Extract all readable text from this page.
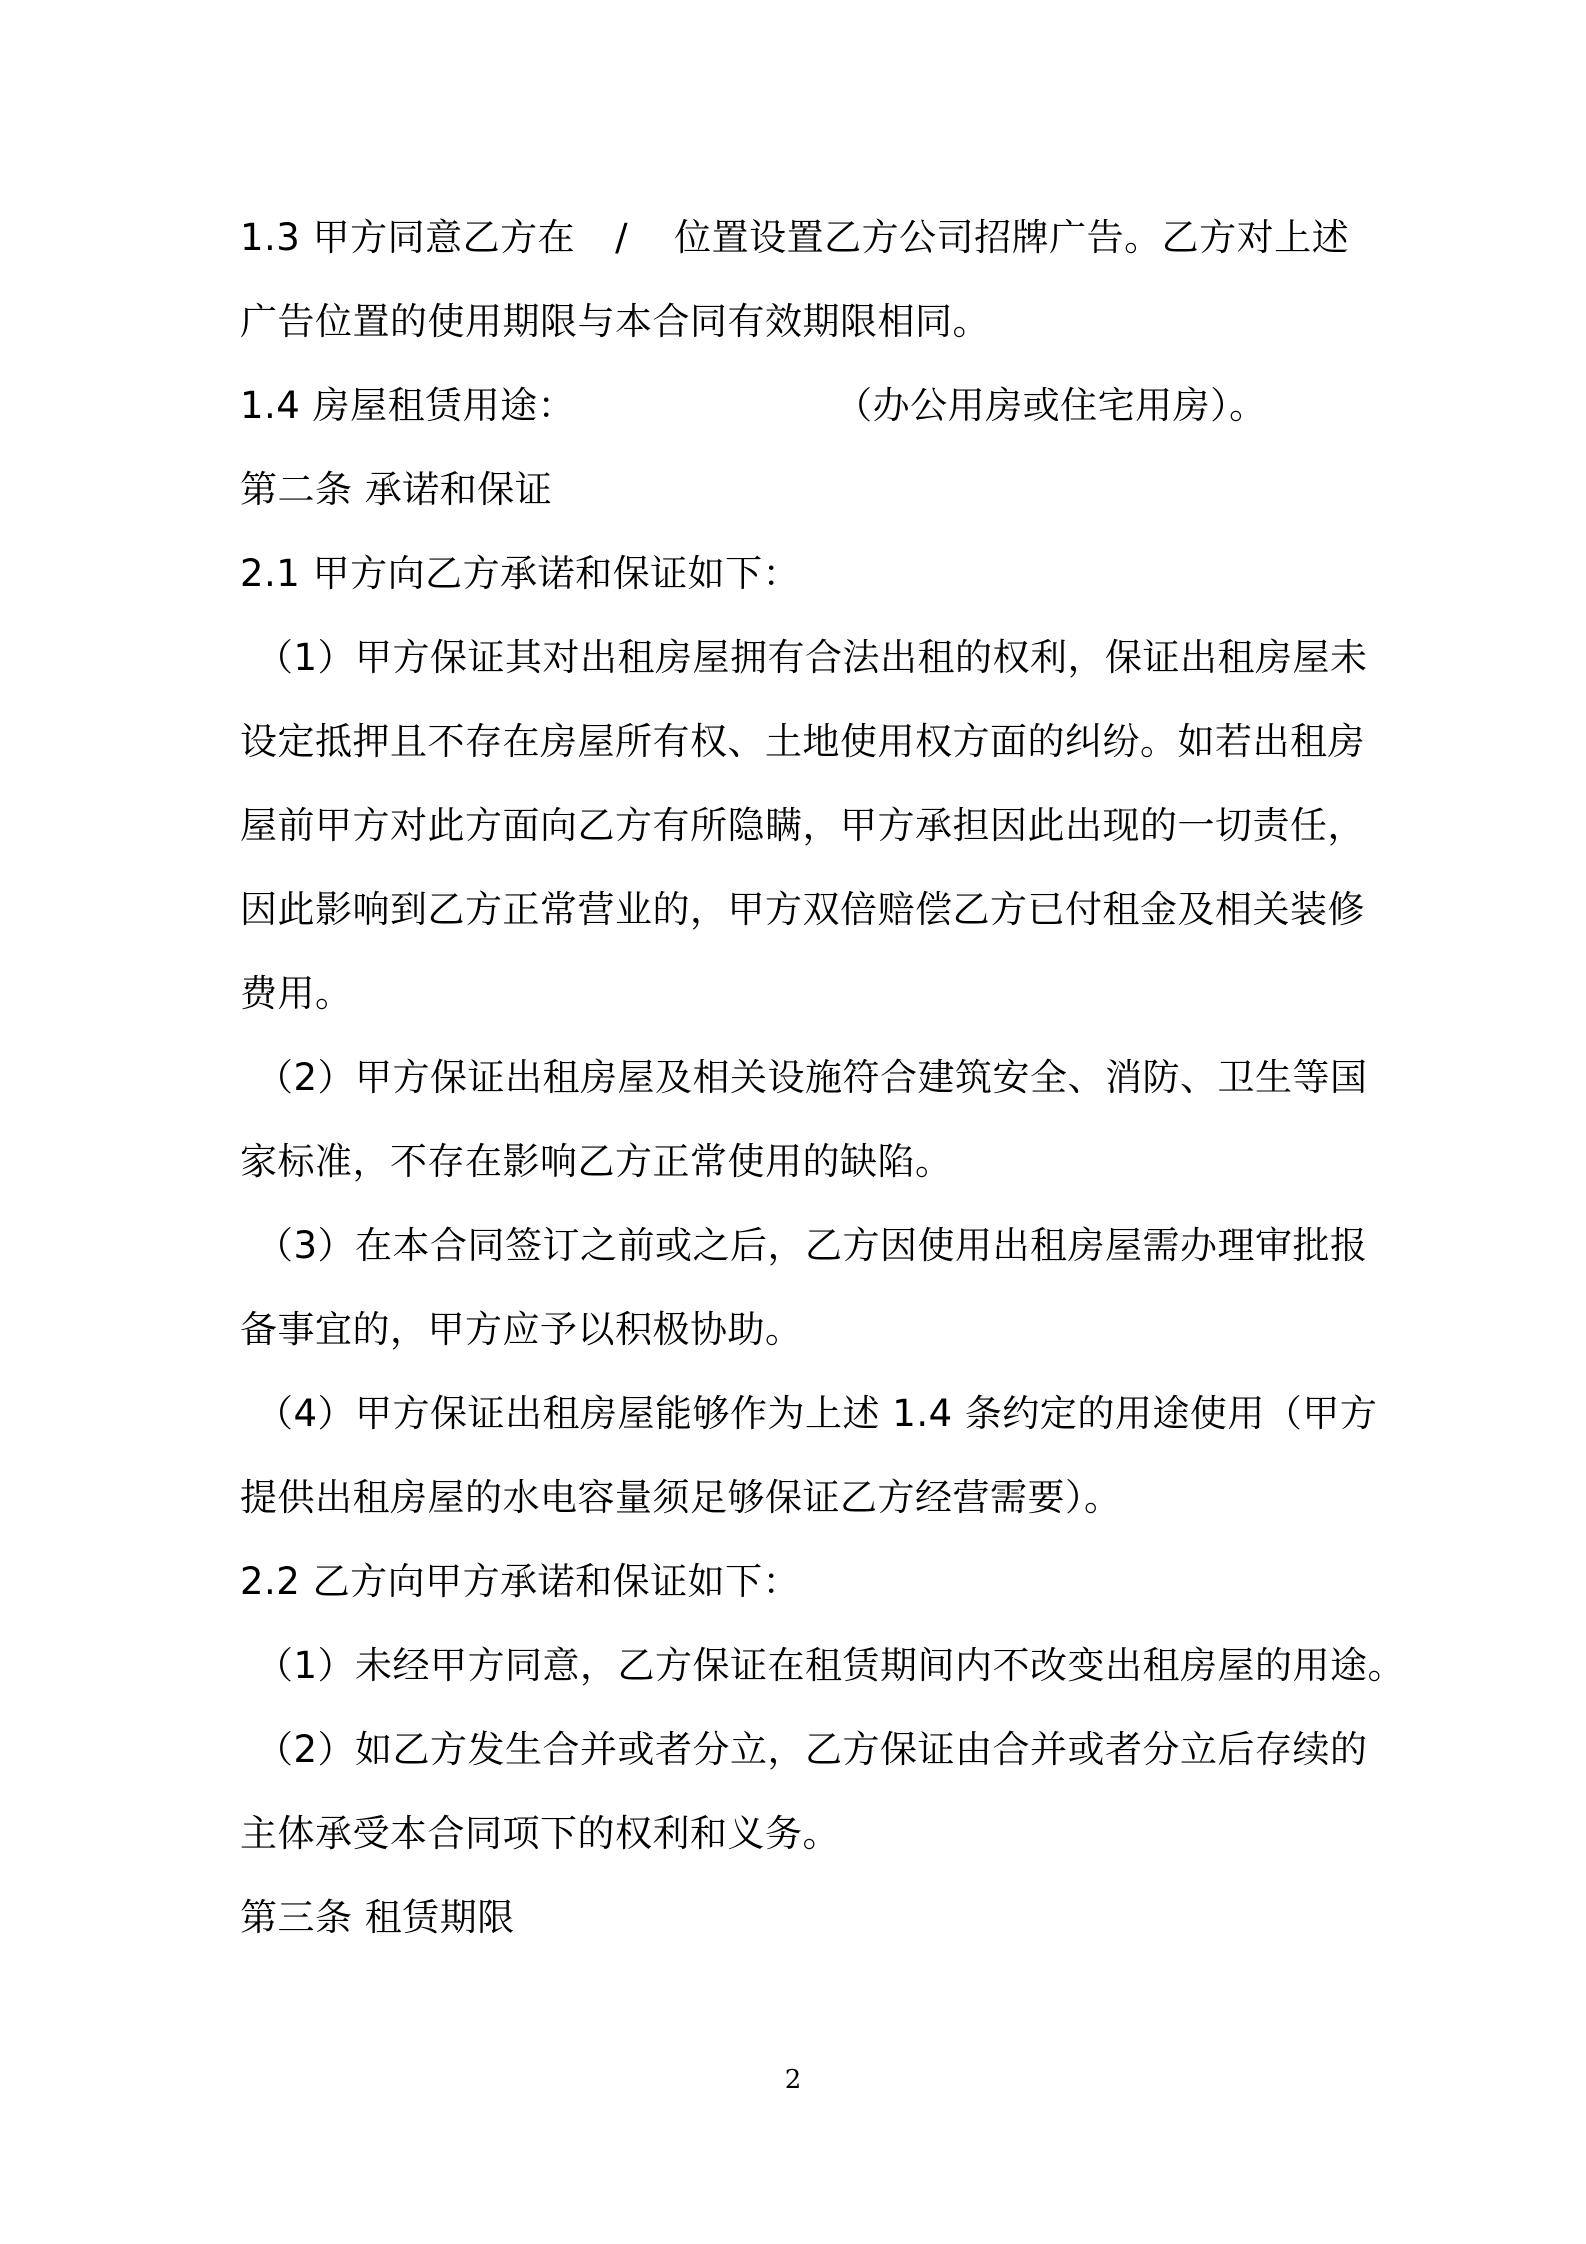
1.3 甲方同意乙方在 / 位置设置乙方公司招牌广告。乙方对上述
广告位置的使用期限与本合同有效期限相同。
1.4 房屋租赁用途：	（办公用房或住宅用房）。
第二条 承诺和保证
2.1 甲方向乙方承诺和保证如下：
（1）甲方保证其对出租房屋拥有合法出租的权利，保证出租房屋未
设定抵押且不存在房屋所有权、土地使用权方面的纠纷。如若出租房
屋前甲方对此方面向乙方有所隐瞒，甲方承担因此出现的一切责任，
因此影响到乙方正常营业的，甲方双倍赔偿乙方已付租金及相关装修
费用。
（2）甲方保证出租房屋及相关设施符合建筑安全、消防、卫生等国
家标准，不存在影响乙方正常使用的缺陷。
（3）在本合同签订之前或之后，乙方因使用出租房屋需办理审批报
备事宜的，甲方应予以积极协助。
（4）甲方保证出租房屋能够作为上述 1.4 条约定的用途使用（甲方
提供出租房屋的水电容量须足够保证乙方经营需要）。
2.2 乙方向甲方承诺和保证如下：
（1）未经甲方同意，乙方保证在租赁期间内不改变出租房屋的用途。
（2）如乙方发生合并或者分立，乙方保证由合并或者分立后存续的
主体承受本合同项下的权利和义务。
第三条 租赁期限
2
